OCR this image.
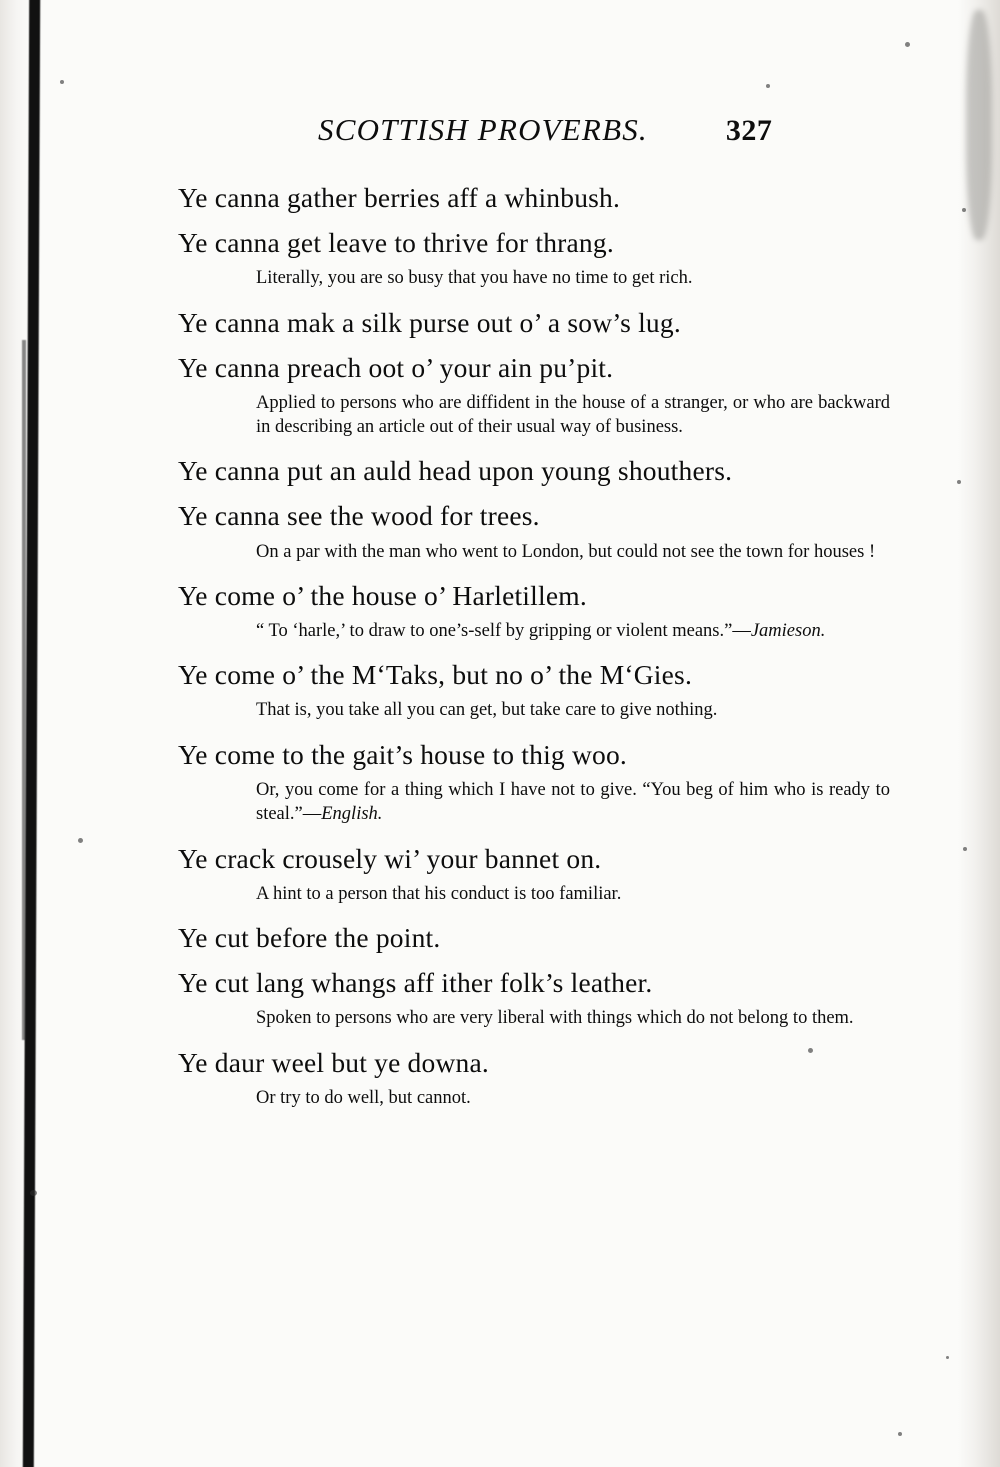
SCOTTISH PROVERBS.	327

Ye canna gather berries aff a whinbush.

Ye canna get leave to thrive for thrang.

Literally, you are so busy that you have no time to get rich.

Ye canna mak a silk purse out o’ a sow’s lug.

Ye canna preach oot o’ your ain pu’pit.

Applied to persons who are diffident in the house of a stranger, or who are backward in describing an article out of their usual way of business.

Ye canna put an auld head upon young shouthers.

Ye canna see the wood for trees.

On a par with the man who went to London, but could not see the town for houses !

Ye come o’ the house o’ Harletillem.

“ To ‘harle,’ to draw to one’s-self by gripping or violent means.”—Jamieson.

Ye come o’ the M‘Taks, but no o’ the M‘Gies.

That is, you take all you can get, but take care to give nothing.

Ye come to the gait’s house to thig woo.

Or, you come for a thing which I have not to give. “You beg of him who is ready to steal.”—English.

Ye crack crousely wi’ your bannet on.

A hint to a person that his conduct is too familiar.

Ye cut before the point.

Ye cut lang whangs aff ither folk’s leather.

Spoken to persons who are very liberal with things which do not belong to them.

Ye daur weel but ye downa.

Or try to do well, but cannot.
